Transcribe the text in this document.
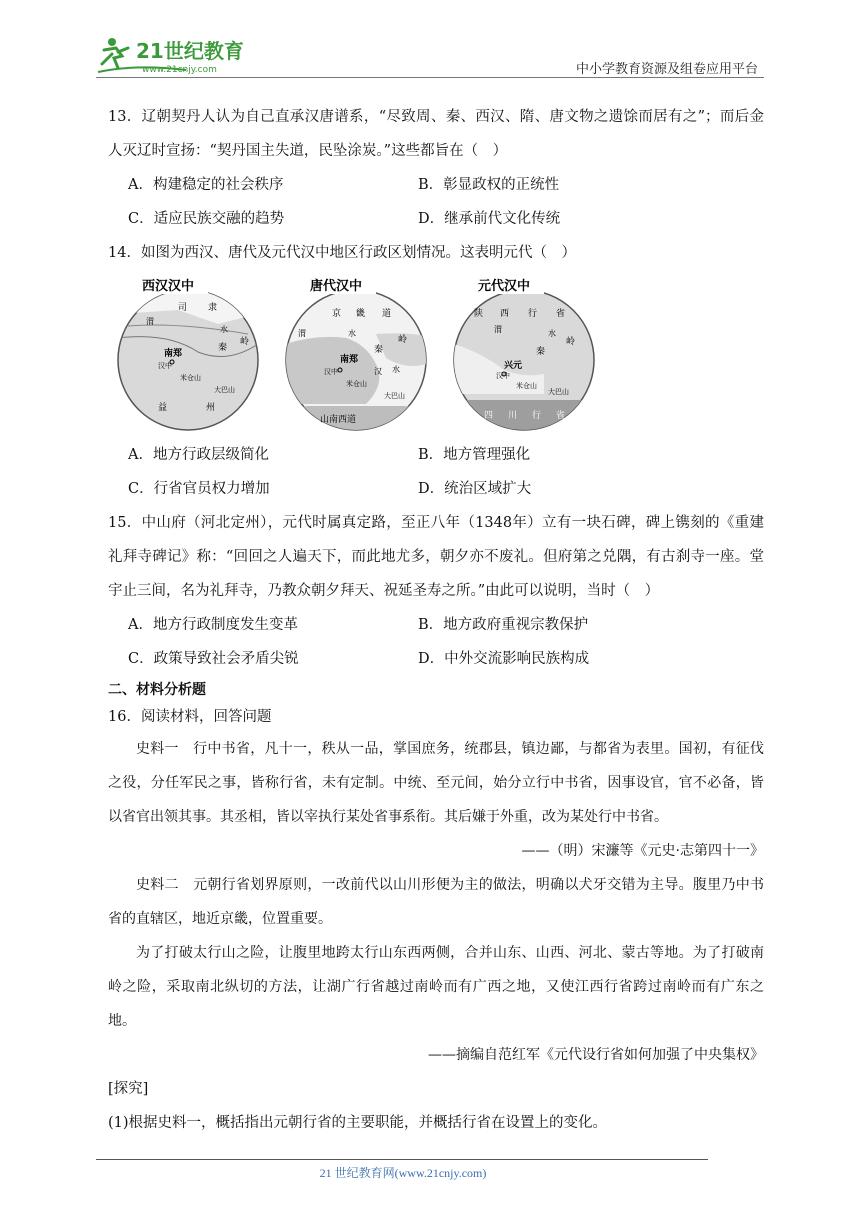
21世纪教育
www.21cnjy.com	中小学教育资源及组卷应用平台

13．辽朝契丹人认为自己直承汉唐谱系，“尽致周、秦、西汉、隋、唐文物之遗馀而居有之”；而后金人灭辽时宣扬：“契丹国主失道，民坠涂炭。”这些都旨在（　）

A．构建稳定的社会秩序	B．彰显政权的正统性
C．适应民族交融的趋势	D．继承前代文化传统

14．如图为西汉、唐代及元代汉中地区行政区划情况。这表明元代（　）

西汉汉中
司 隶
南郑
汉中
秦
岭
米仓山
大巴山
益	州
渭
水
唐代汉中
京 畿 道
南郑
汉中
秦
岭
米仓山
大巴山
山南西道
渭	水
汉 水
元代汉中
陕 西 行 省
兴元
汉中
秦
岭
米仓山
大巴山
四 川 行 省
渭	水
A．地方行政层级简化	B．地方管理强化
C．行省官员权力增加	D．统治区域扩大

15．中山府（河北定州），元代时属真定路，至正八年（1348年）立有一块石碑，碑上镌刻的《重建礼拜寺碑记》称：“回回之人遍天下，而此地尤多，朝夕亦不废礼。但府第之兑隅，有古刹寺一座。堂宇止三间，名为礼拜寺，乃教众朝夕拜天、祝延圣寿之所。”由此可以说明，当时（　）

A．地方行政制度发生变革	B．地方政府重视宗教保护
C．政策导致社会矛盾尖锐	D．中外交流影响民族构成
二、材料分析题

16．阅读材料，回答问题

史料一　行中书省，凡十一，秩从一品，掌国庶务，统郡县，镇边鄙，与都省为表里。国初，有征伐之役，分任军民之事，皆称行省，未有定制。中统、至元间，始分立行中书省，因事设官，官不必备，皆以省官出领其事。其丞相，皆以宰执行某处省事系衔。其后嫌于外重，改为某处行中书省。

——（明）宋濂等《元史·志第四十一》

史料二　元朝行省划界原则，一改前代以山川形便为主的做法，明确以犬牙交错为主导。腹里乃中书省的直辖区，地近京畿，位置重要。

为了打破太行山之险，让腹里地跨太行山东西两侧，合并山东、山西、河北、蒙古等地。为了打破南岭之险，采取南北纵切的方法，让湖广行省越过南岭而有广西之地，又使江西行省跨过南岭而有广东之地。

——摘编自范红军《元代设行省如何加强了中央集权》

[探究]

(1)根据史料一，概括指出元朝行省的主要职能，并概括行省在设置上的变化。

21 世纪教育网(www.21cnjy.com)
